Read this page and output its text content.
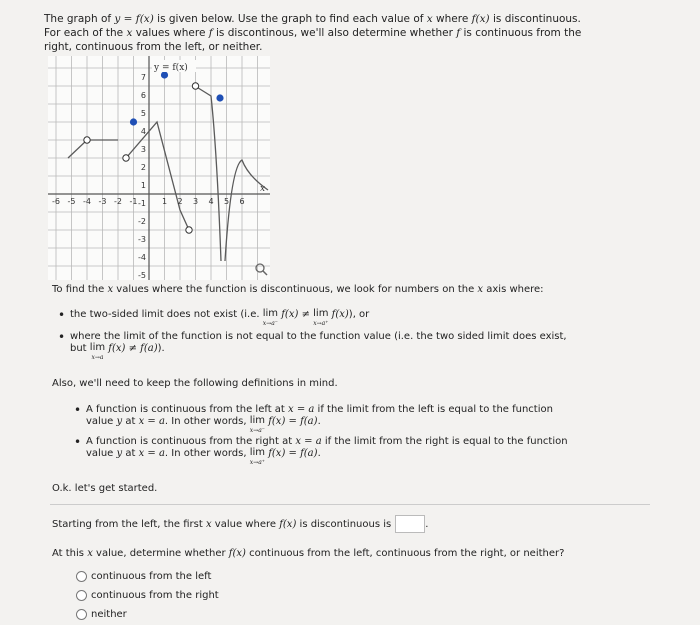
The graph of y = f(x) is given below. Use the graph to find each value of x where f(x) is discontinuous.
For each of the x values where f is discontinous, we'll also determine whether f is continuous from the
right, continuous from the left, or neither.
y = f(x)
x
-6 -5 -4 -3 -2 -1	1 2 3 4 5 6
7
6
5
4
3
2
1
-1
-2
-3
-4
-5
To find the x values where the function is discontinuous, we look for numbers on the x axis where:
• the two-sided limit does not exist (i.e. lim
x→a⁻
f(x) ≠ lim
x→a⁺
f(x)), or
• where the limit of the function is not equal to the function value (i.e. the two sided limit does exist,
but lim
x→a
f(x) ≠ f(a)).
Also, we'll need to keep the following definitions in mind.
• A function is continuous from the left at x = a if the limit from the left is equal to the function
value y at x = a. In other words, lim
x→a⁻
f(x) = f(a).
• A function is continuous from the right at x = a if the limit from the right is equal to the function
value y at x = a. In other words, lim
x→a⁺
f(x) = f(a).
O.k. let's get started.
Starting from the left, the first x value where f(x) is discontinuous is	.
At this x value, determine whether f(x) continuous from the left, continuous from the right, or neither?
continuous from the left
continuous from the right
neither
